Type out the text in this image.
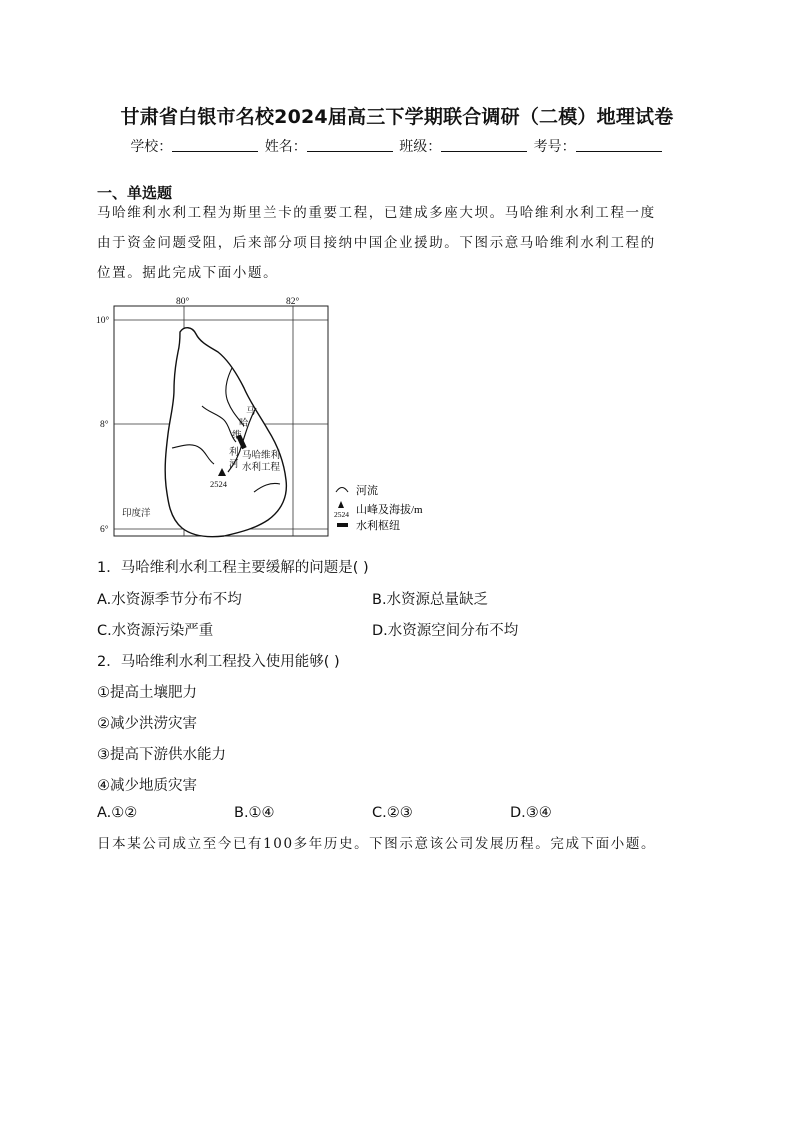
甘肃省白银市名校2024届高三下学期联合调研（二模）地理试卷
学校：	姓名：	班级：	考号：
一、单选题
马哈维利水利工程为斯里兰卡的重要工程，已建成多座大坝。马哈维利水利工程一度
由于资金问题受阻，后来部分项目接纳中国企业援助。下图示意马哈维利水利工程的
位置。据此完成下面小题。
80°	82°
10°
8°
6°
马
哈
维
利
河
马哈维利
水利工程
2524
印度洋
河流
2524 山峰及海拔/m
水利枢纽
1．马哈维利水利工程主要缓解的问题是( )
A.水资源季节分布不均	B.水资源总量缺乏
C.水资源污染严重	D.水资源空间分布不均
2．马哈维利水利工程投入使用能够( )
①提高土壤肥力
②减少洪涝灾害
③提高下游供水能力
④减少地质灾害
A.①②	B.①④	C.②③	D.③④
日本某公司成立至今已有100多年历史。下图示意该公司发展历程。完成下面小题。
